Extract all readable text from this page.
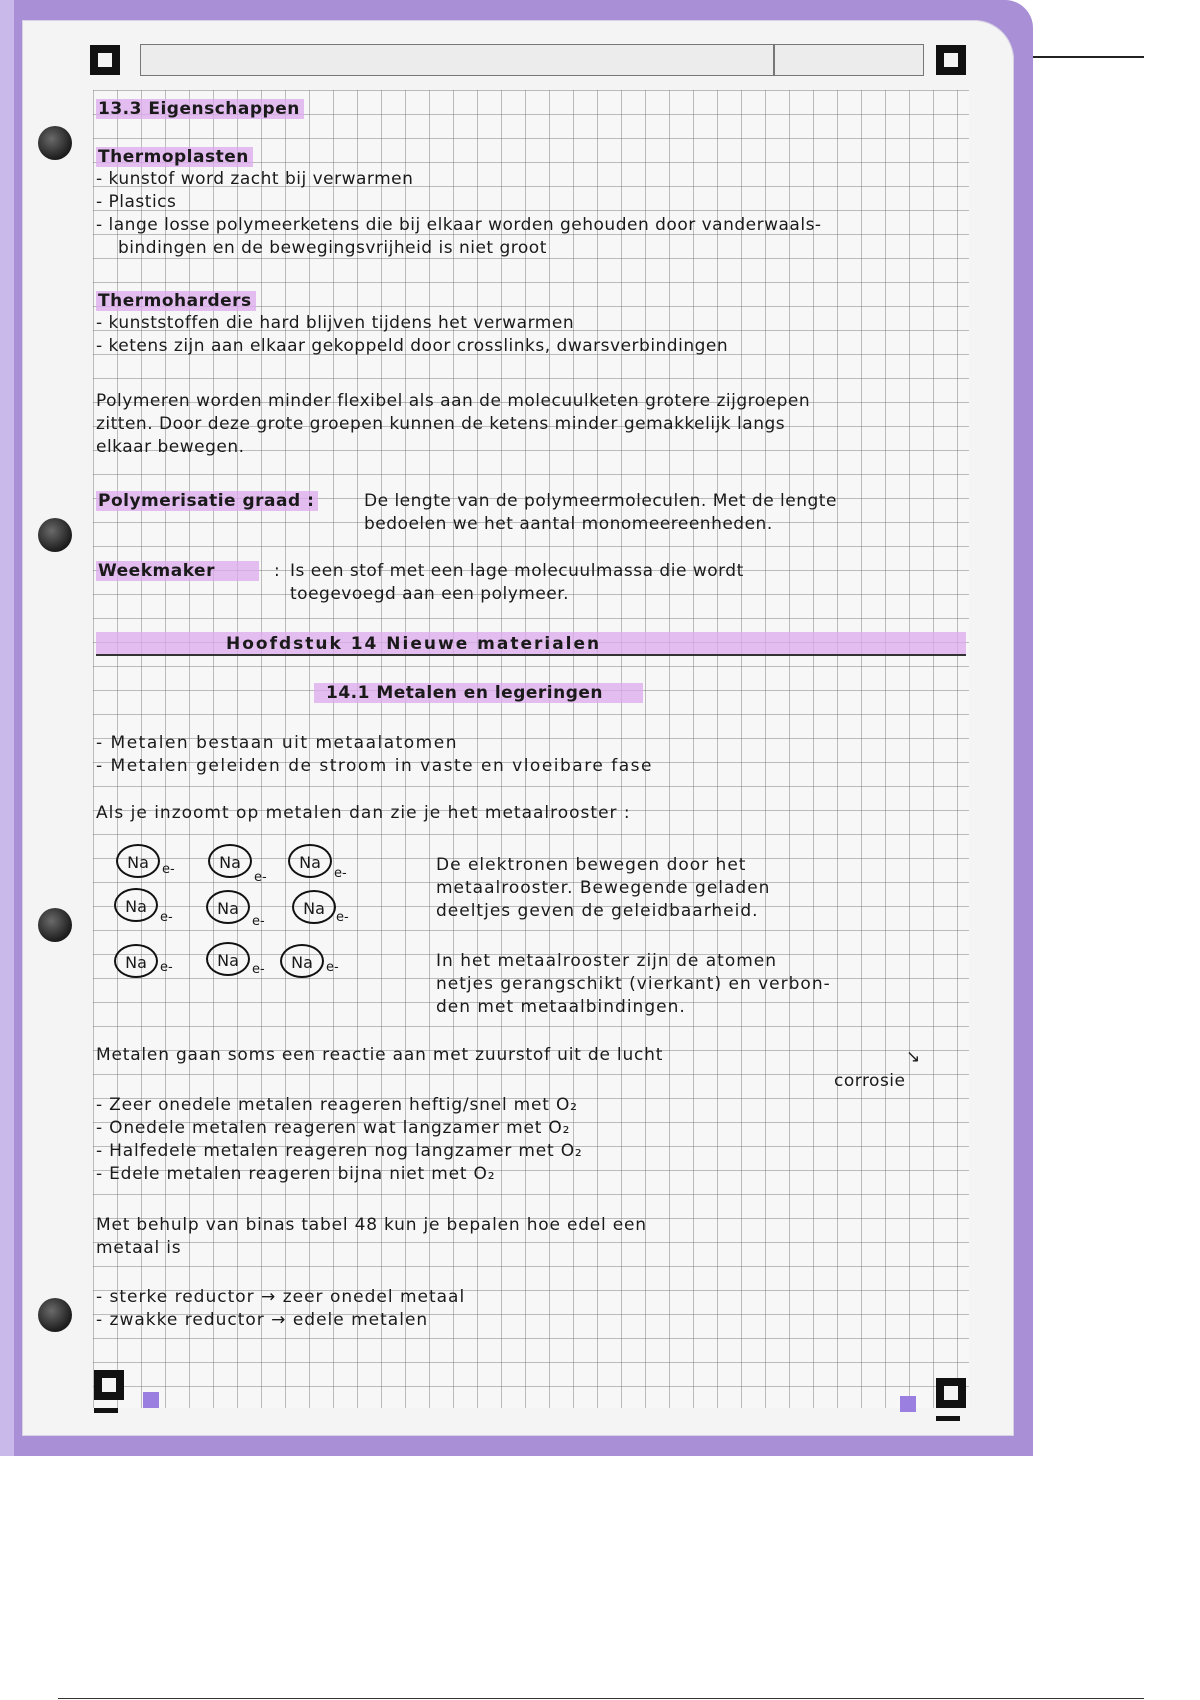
13.3 Eigenschappen
Thermoplasten
- kunstof word zacht bij verwarmen
- Plastics
- lange losse polymeerketens die bij elkaar worden gehouden door vanderwaals-
bindingen en de bewegingsvrijheid is niet groot
Thermoharders
- kunststoffen die hard blijven tijdens het verwarmen
- ketens zijn aan elkaar gekoppeld door crosslinks, dwarsverbindingen
Polymeren worden minder flexibel als aan de molecuulketen grotere zijgroepen
zitten. Door deze grote groepen kunnen de ketens minder gemakkelijk langs
elkaar bewegen.
Polymerisatie graad :	De lengte van de polymeermoleculen. Met de lengte
bedoelen we het aantal monomeereenheden.
Weekmaker	: Is een stof met een lage molecuulmassa die wordt
toegevoegd aan een polymeer.
Hoofdstuk 14 Nieuwe materialen
14.1 Metalen en legeringen
- Metalen bestaan uit metaalatomen
- Metalen geleiden de stroom in vaste en vloeibare fase
Als je inzoomt op metalen dan zie je het metaalrooster :
Na	e-	Na
e-
Na
e-
Na
e-	Na
e-
Na e-
Na	e-	Na	e-	Na	e-
De elektronen bewegen door het
metaalrooster. Bewegende geladen
deeltjes geven de geleidbaarheid.
In het metaalrooster zijn de atomen
netjes gerangschikt (vierkant) en verbon-
den met metaalbindingen.
Metalen gaan soms een reactie aan met zuurstof uit de lucht	↘
corrosie
- Zeer onedele metalen reageren heftig/snel met O₂
- Onedele metalen reageren wat langzamer met O₂
- Halfedele metalen reageren nog langzamer met O₂
- Edele metalen reageren bijna niet met O₂
Met behulp van binas tabel 48 kun je bepalen hoe edel een
metaal is
- sterke reductor → zeer onedel metaal
- zwakke reductor → edele metalen
